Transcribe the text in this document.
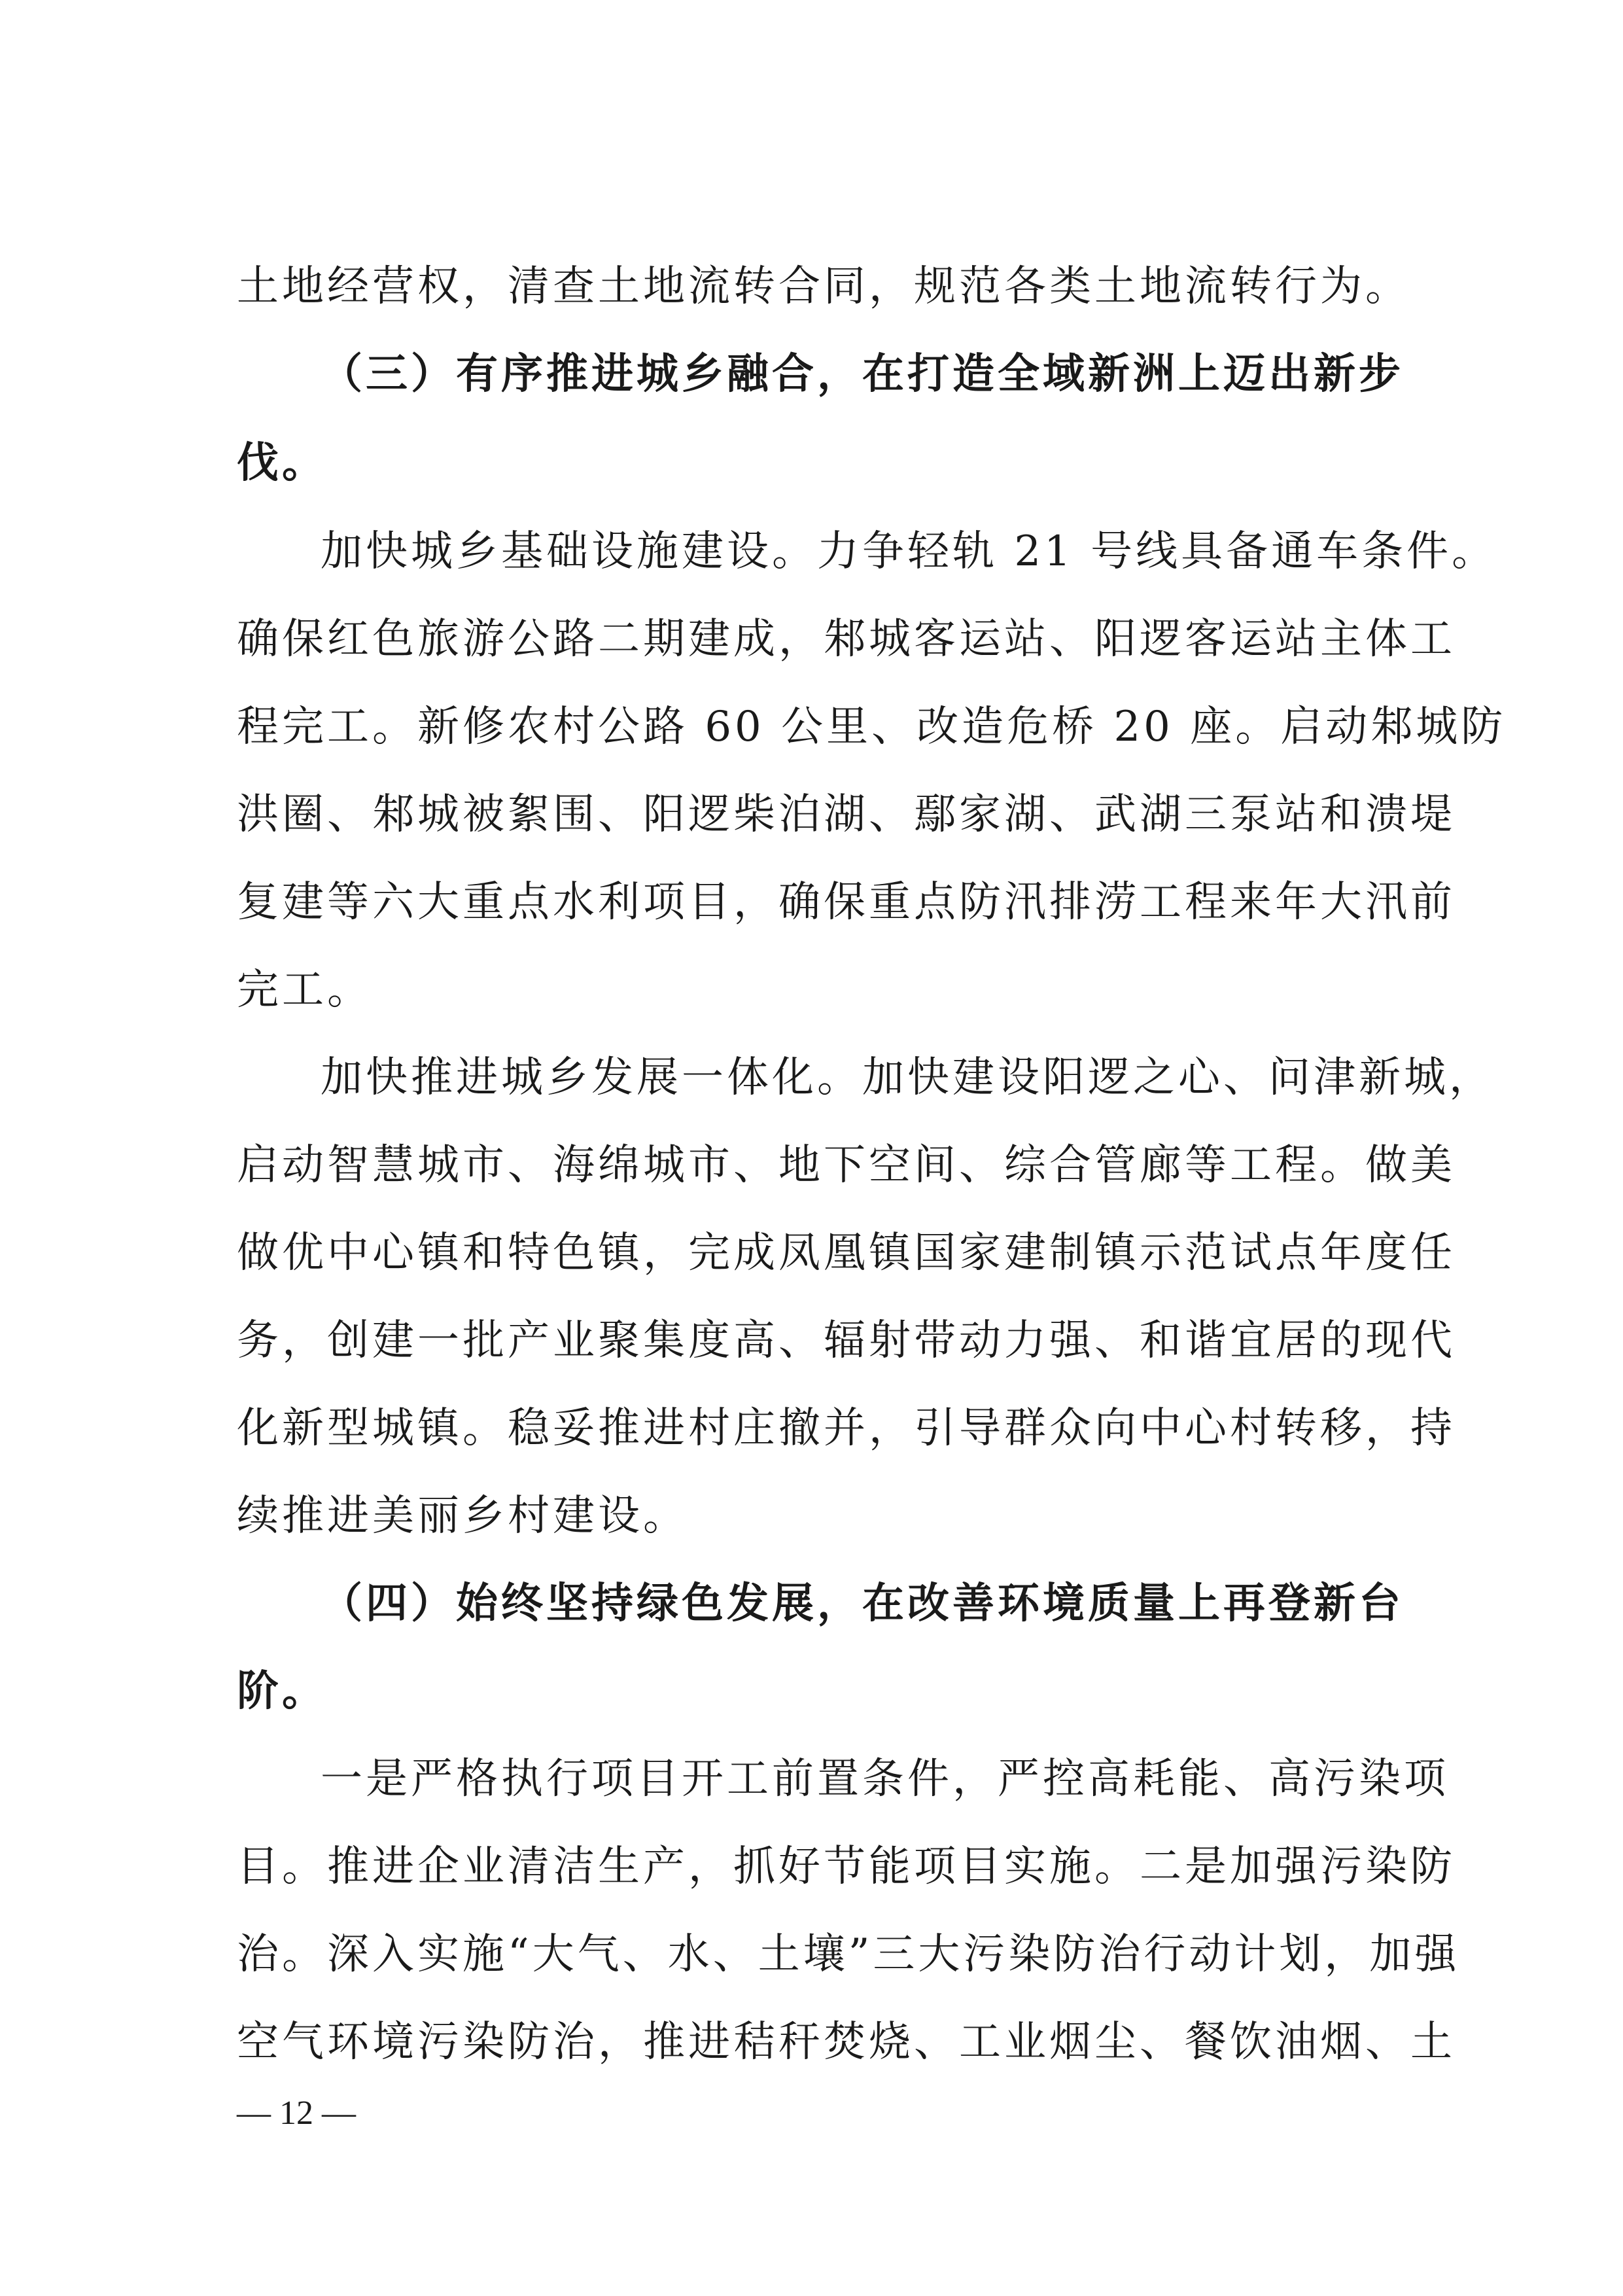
土地经营权，清查土地流转合同，规范各类土地流转行为。
（三）有序推进城乡融合，在打造全域新洲上迈出新步
伐。
加快城乡基础设施建设。力争轻轨 21 号线具备通车条件。
确保红色旅游公路二期建成，邾城客运站、阳逻客运站主体工
程完工。新修农村公路 60 公里、改造危桥 20 座。启动邾城防
洪圈、邾城被絮围、阳逻柴泊湖、鄢家湖、武湖三泵站和溃堤
复建等六大重点水利项目，确保重点防汛排涝工程来年大汛前
完工。
加快推进城乡发展一体化。加快建设阳逻之心、问津新城，
启动智慧城市、海绵城市、地下空间、综合管廊等工程。做美
做优中心镇和特色镇，完成凤凰镇国家建制镇示范试点年度任
务，创建一批产业聚集度高、辐射带动力强、和谐宜居的现代
化新型城镇。稳妥推进村庄撤并，引导群众向中心村转移，持
续推进美丽乡村建设。
（四）始终坚持绿色发展，在改善环境质量上再登新台
阶。
一是严格执行项目开工前置条件，严控高耗能、高污染项
目。推进企业清洁生产，抓好节能项目实施。二是加强污染防
治。深入实施“大气、水、土壤”三大污染防治行动计划，加强
空气环境污染防治，推进秸秆焚烧、工业烟尘、餐饮油烟、土
— 12 —
